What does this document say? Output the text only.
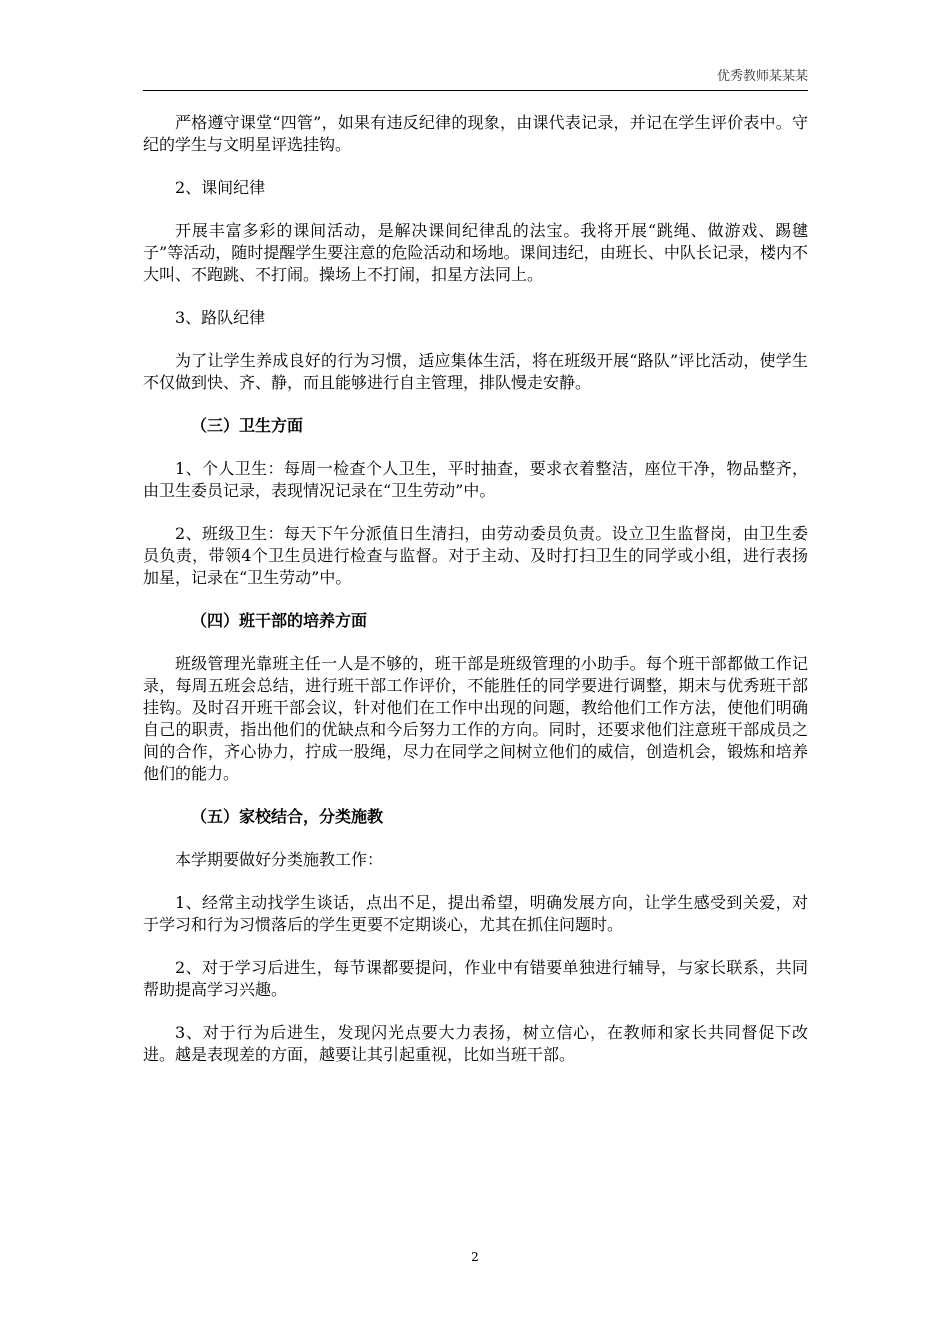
优秀教师某某某

严格遵守课堂“四管”，如果有违反纪律的现象，由课代表记录，并记在学生评价表中。守纪的学生与文明星评选挂钩。

2、课间纪律

开展丰富多彩的课间活动，是解决课间纪律乱的法宝。我将开展“跳绳、做游戏、踢毽子”等活动，随时提醒学生要注意的危险活动和场地。课间违纪，由班长、中队长记录，楼内不大叫、不跑跳、不打闹。操场上不打闹，扣星方法同上。

3、路队纪律

为了让学生养成良好的行为习惯，适应集体生活，将在班级开展“路队”评比活动，使学生不仅做到快、齐、静，而且能够进行自主管理，排队慢走安静。

（三）卫生方面

1、个人卫生：每周一检查个人卫生，平时抽查，要求衣着整洁，座位干净，物品整齐，由卫生委员记录，表现情况记录在“卫生劳动”中。

2、班级卫生：每天下午分派值日生清扫，由劳动委员负责。设立卫生监督岗，由卫生委员负责，带领4个卫生员进行检查与监督。对于主动、及时打扫卫生的同学或小组，进行表扬加星，记录在“卫生劳动”中。

（四）班干部的培养方面

班级管理光靠班主任一人是不够的，班干部是班级管理的小助手。每个班干部都做工作记录，每周五班会总结，进行班干部工作评价，不能胜任的同学要进行调整，期末与优秀班干部挂钩。及时召开班干部会议，针对他们在工作中出现的问题，教给他们工作方法，使他们明确自己的职责，指出他们的优缺点和今后努力工作的方向。同时，还要求他们注意班干部成员之间的合作，齐心协力，拧成一股绳，尽力在同学之间树立他们的威信，创造机会，锻炼和培养他们的能力。

（五）家校结合，分类施教

本学期要做好分类施教工作：

1、经常主动找学生谈话，点出不足，提出希望，明确发展方向，让学生感受到关爱，对于学习和行为习惯落后的学生更要不定期谈心，尤其在抓住问题时。

2、对于学习后进生，每节课都要提问，作业中有错要单独进行辅导，与家长联系，共同帮助提高学习兴趣。

3、对于行为后进生，发现闪光点要大力表扬，树立信心，在教师和家长共同督促下改进。越是表现差的方面，越要让其引起重视，比如当班干部。

2
